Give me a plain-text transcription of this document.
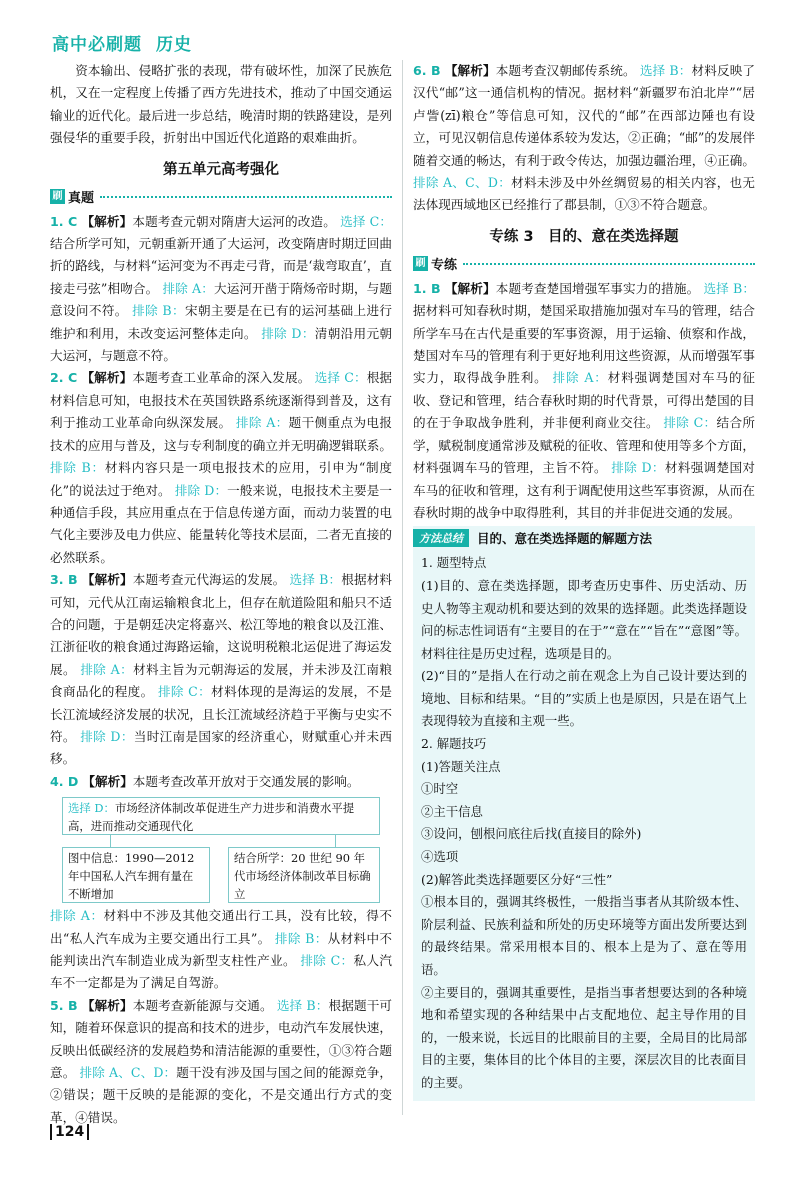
高中必刷题 历史

资本输出、侵略扩张的表现，带有破坏性，加深了民族危机，又在一定程度上传播了西方先进技术，推动了中国交通运输业的近代化。最后进一步总结，晚清时期的铁路建设，是列强侵华的重要手段，折射出中国近代化道路的艰难曲折。

第五单元高考强化
刷 真题

1. C 【解析】本题考查元朝对隋唐大运河的改造。 选择 C：结合所学可知，元朝重新开通了大运河，改变隋唐时期迂回曲折的路线，与材料“运河变为不再走弓背，而是‘裁弯取直’，直接走弓弦”相吻合。 排除 A：大运河开凿于隋炀帝时期，与题意设问不符。 排除 B：宋朝主要是在已有的运河基础上进行维护和利用，未改变运河整体走向。 排除 D：清朝沿用元朝大运河，与题意不符。

2. C 【解析】本题考查工业革命的深入发展。 选择 C：根据材料信息可知，电报技术在英国铁路系统逐渐得到普及，这有利于推动工业革命向纵深发展。 排除 A：题干侧重点为电报技术的应用与普及，这与专利制度的确立并无明确逻辑联系。 排除 B：材料内容只是一项电报技术的应用，引申为“制度化”的说法过于绝对。 排除 D：一般来说，电报技术主要是一种通信手段，其应用重点在于信息传递方面，而动力装置的电气化主要涉及电力供应、能量转化等技术层面，二者无直接的必然联系。

3. B 【解析】本题考查元代海运的发展。 选择 B：根据材料可知，元代从江南运输粮食北上，但存在航道险阻和船只不适合的问题，于是朝廷决定将嘉兴、松江等地的粮食以及江淮、江浙征收的粮食通过海路运输，这说明税粮北运促进了海运发展。 排除 A：材料主旨为元朝海运的发展，并未涉及江南粮食商品化的程度。 排除 C：材料体现的是海运的发展，不是长江流域经济发展的状况，且长江流域经济趋于平衡与史实不符。 排除 D：当时江南是国家的经济重心，财赋重心并未西移。

4. D 【解析】本题考查改革开放对于交通发展的影响。

选择 D：市场经济体制改革促进生产力进步和消费水平提高，进而推动交通现代化
图中信息：1990—2012 年中国私人汽车拥有量在不断增加
结合所学：20 世纪 90 年代市场经济体制改革目标确立

排除 A：材料中不涉及其他交通出行工具，没有比较，得不出“私人汽车成为主要交通出行工具”。 排除 B：从材料中不能判读出汽车制造业成为新型支柱性产业。 排除 C：私人汽车不一定都是为了满足自驾游。

5. B 【解析】本题考查新能源与交通。 选择 B：根据题干可知，随着环保意识的提高和技术的进步，电动汽车发展快速，反映出低碳经济的发展趋势和清洁能源的重要性，①③符合题意。 排除 A、C、D：题干没有涉及国与国之间的能源竞争，②错误；题干反映的是能源的变化，不是交通出行方式的变革，④错误。

6. B 【解析】本题考查汉朝邮传系统。 选择 B：材料反映了汉代“邮”这一通信机构的情况。据材料“新疆罗布泊北岸”“居卢訾(zī)粮仓”等信息可知，汉代的“邮”在西部边陲也有设立，可见汉朝信息传递体系较为发达，②正确；“邮”的发展伴随着交通的畅达，有利于政令传达，加强边疆治理，④正确。 排除 A、C、D：材料未涉及中外丝绸贸易的相关内容，也无法体现西域地区已经推行了郡县制，①③不符合题意。

专练 3　目的、意在类选择题
刷 专练

1. B 【解析】本题考查楚国增强军事实力的措施。 选择 B：据材料可知春秋时期，楚国采取措施加强对车马的管理，结合所学车马在古代是重要的军事资源，用于运输、侦察和作战，楚国对车马的管理有利于更好地利用这些资源，从而增强军事实力，取得战争胜利。 排除 A：材料强调楚国对车马的征收、登记和管理，结合春秋时期的时代背景，可得出楚国的目的在于争取战争胜利，并非便利商业交往。 排除 C：结合所学，赋税制度通常涉及赋税的征收、管理和使用等多个方面，材料强调车马的管理，主旨不符。 排除 D：材料强调楚国对车马的征收和管理，这有利于调配使用这些军事资源，从而在春秋时期的战争中取得胜利，其目的并非促进交通的发展。

方法总结	目的、意在类选择题的解题方法

1. 题型特点

(1)目的、意在类选择题，即考查历史事件、历史活动、历史人物等主观动机和要达到的效果的选择题。此类选择题设问的标志性词语有“主要目的在于”“意在”“旨在”“意图”等。材料往往是历史过程，选项是目的。

(2)“目的”是指人在行动之前在观念上为自己设计要达到的境地、目标和结果。“目的”实质上也是原因，只是在语气上表现得较为直接和主观一些。

2. 解题技巧

(1)答题关注点

①时空

②主干信息

③设问，刨根问底往后找(直接目的除外)

④选项

(2)解答此类选择题要区分好“三性”

①根本目的，强调其终极性，一般指当事者从其阶级本性、阶层利益、民族利益和所处的历史环境等方面出发所要达到的最终结果。常采用根本目的、根本上是为了、意在等用语。

②主要目的，强调其重要性，是指当事者想要达到的各种境地和希望实现的各种结果中占支配地位、起主导作用的目的，一般来说，长远目的比眼前目的主要，全局目的比局部目的主要，集体目的比个体目的主要，深层次目的比表面目的主要。

124
